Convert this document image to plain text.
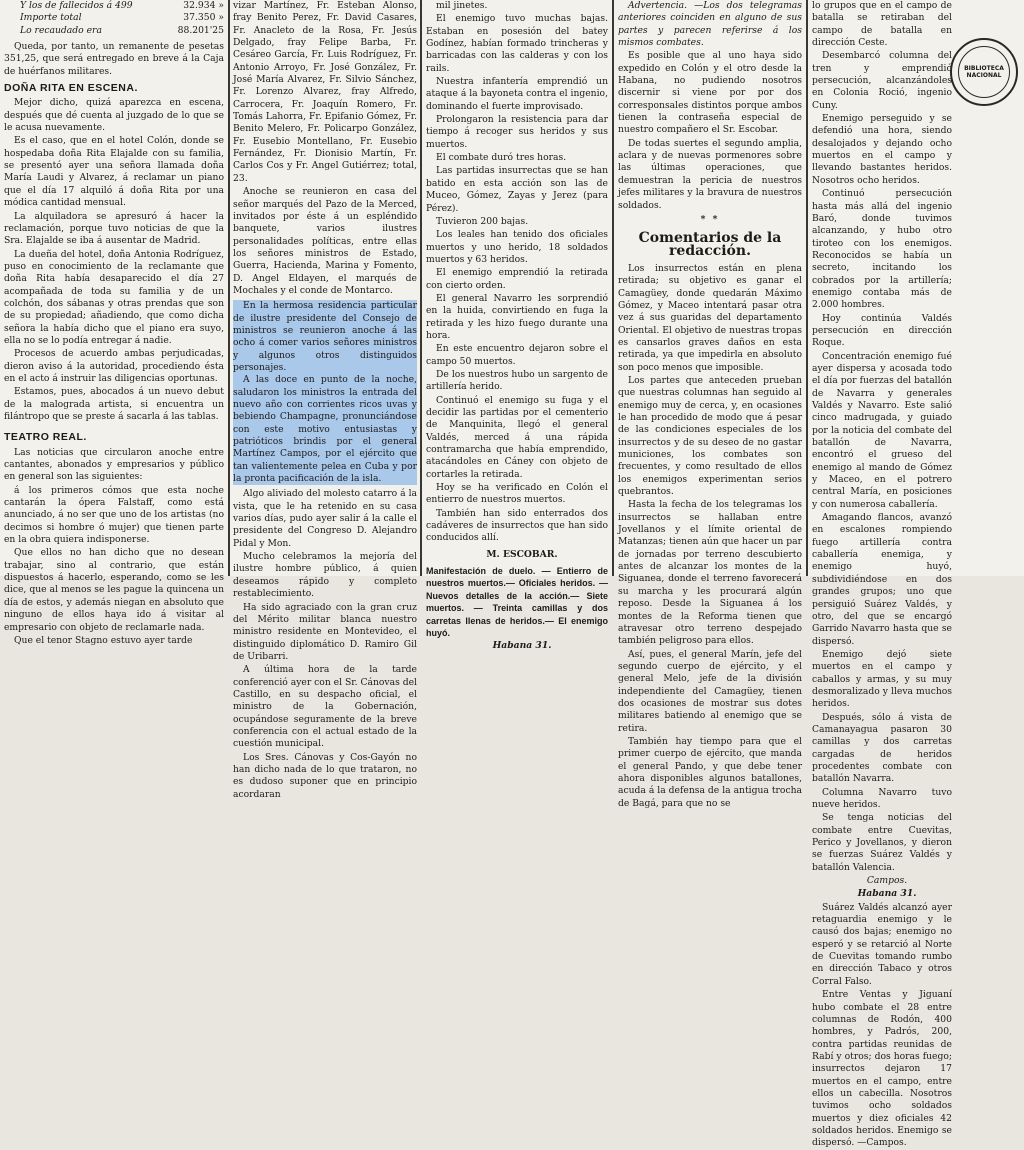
Y los de fallecidos á 499	32.934 »
Importe total	37.350 »
Lo recaudado era	88.201'25

Queda, por tanto, un remanente de pesetas 351,25, que será entregado en breve á la Caja de huérfanos militares.

DOÑA RITA EN ESCENA.

Mejor dicho, quizá aparezca en escena, después que dé cuenta al juzgado de lo que se le acusa nuevamente.

Es el caso, que en el hotel Colón, donde se hospedaba doña Rita Elajalde con su familia, se presentó ayer una señora llamada doña María Laudi y Alvarez, á reclamar un piano que el día 17 alquiló á doña Rita por una módica cantidad mensual.

La alquiladora se apresuró á hacer la reclamación, porque tuvo noticias de que la Sra. Elajalde se iba á ausentar de Madrid.

La dueña del hotel, doña Antonia Rodríguez, puso en conocimiento de la reclamante que doña Rita había desaparecido el día 27 acompañada de toda su familia y de un colchón, dos sábanas y otras prendas que son de su propiedad; añadiendo, que como dicha señora la había dicho que el piano era suyo, ella no se lo podía entregar á nadie.

Procesos de acuerdo ambas perjudicadas, dieron aviso á la autoridad, procediendo ésta en el acto á instruir las diligencias oportunas.

Estamos, pues, abocados á un nuevo debut de la malograda artista, si encuentra un filántropo que se preste á sacarla á las tablas.

TEATRO REAL.

Las noticias que circularon anoche entre cantantes, abonados y empresarios y público en general son las siguientes:

á los primeros cómos que esta noche cantarán la ópera Falstaff, como está anunciado, á no ser que uno de los artistas (no decimos si hombre ó mujer) que tienen parte en la obra quiera indisponerse.

Que ellos no han dicho que no desean trabajar, sino al contrario, que están dispuestos á hacerlo, esperando, como se les dice, que al menos se les pague la quincena un día de estos, y además niegan en absoluto que ninguno de ellos haya ido á visitar al empresario con objeto de reclamarle nada.

Que el tenor Stagno estuvo ayer tarde

vizar Martínez, Fr. Esteban Alonso, fray Benito Perez, Fr. David Casares, Fr. Anacleto de la Rosa, Fr. Jesús Delgado, fray Felipe Barba, Fr. Cesáreo García, Fr. Luis Rodríguez, Fr. Antonio Arroyo, Fr. José González, Fr. José María Alvarez, Fr. Silvio Sánchez, Fr. Lorenzo Alvarez, fray Alfredo, Carrocera, Fr. Joaquín Romero, Fr. Tomás Lahorra, Fr. Epifanio Gómez, Fr. Benito Melero, Fr. Policarpo González, Fr. Eusebio Montellano, Fr. Eusebio Fernández, Fr. Dionisio Martín, Fr. Carlos Cos y Fr. Angel Gutiérrez; total, 23.

Anoche se reunieron en casa del señor marqués del Pazo de la Merced, invitados por éste á un espléndido banquete, varios ilustres personalidades políticas, entre ellas los señores ministros de Estado, Guerra, Hacienda, Marina y Fomento, D. Angel Eldayen, el marqués de Mochales y el conde de Montarco.

En la hermosa residencia particular de ilustre presidente del Consejo de ministros se reunieron anoche á las ocho á comer varios señores ministros y algunos otros distinguidos personajes.

A las doce en punto de la noche, saludaron los ministros la entrada del nuevo año con corrientes ricos uvas y bebiendo Champagne, pronunciándose con este motivo entusiastas y patrióticos brindis por el general Martínez Campos, por el ejército que tan valientemente pelea en Cuba y por la pronta pacificación de la isla.

Algo aliviado del molesto catarro á la vista, que le ha retenido en su casa varios días, pudo ayer salir á la calle el presidente del Congreso D. Alejandro Pidal y Mon.

Mucho celebramos la mejoría del ilustre hombre público, á quien deseamos rápido y completo restablecimiento.

Ha sido agraciado con la gran cruz del Mérito militar blanca nuestro ministro residente en Montevideo, el distinguido diplomático D. Ramiro Gil de Uribarri.

A última hora de la tarde conferenció ayer con el Sr. Cánovas del Castillo, en su despacho oficial, el ministro de la Gobernación, ocupándose seguramente de la breve conferencia con el actual estado de la cuestión municipal.

Los Sres. Cánovas y Cos-Gayón no han dicho nada de lo que trataron, no es dudoso suponer que en principio acordaran

mil jinetes.

El enemigo tuvo muchas bajas. Estaban en posesión del batey Godínez, habían formado trincheras y barricadas con las calderas y con los rails.

Nuestra infantería emprendió un ataque á la bayoneta contra el ingenio, dominando el fuerte improvisado.

Prolongaron la resistencia para dar tiempo á recoger sus heridos y sus muertos.

El combate duró tres horas.

Las partidas insurrectas que se han batido en esta acción son las de Muceo, Gómez, Zayas y Jerez (para Pérez).

Tuvieron 200 bajas.

Los leales han tenido dos oficiales muertos y uno herido, 18 soldados muertos y 63 heridos.

El enemigo emprendió la retirada con cierto orden.

El general Navarro les sorprendió en la huida, convirtiendo en fuga la retirada y les hizo fuego durante una hora.

En este encuentro dejaron sobre el campo 50 muertos.

De los nuestros hubo un sargento de artillería herido.

Continuó el enemigo su fuga y el decidir las partidas por el cementerio de Manquinita, llegó el general Valdés, merced á una rápida contramarcha que había emprendido, atacándoles en Cáney con objeto de cortarles la retirada.

Hoy se ha verificado en Colón el entierro de nuestros muertos.

También han sido enterrados dos cadáveres de insurrectos que han sido conducidos allí.

M. ESCOBAR.

Manifestación de duelo. — Entierro de nuestros muertos.— Oficiales heridos. — Nuevos detalles de la acción.— Siete muertos. — Treinta camillas y dos carretas llenas de heridos.— El enemigo huyó.

Habana 31.

Advertencia. —Los dos telegramas anteriores coinciden en alguno de sus partes y parecen referirse á los mismos combates.

Es posible que al uno haya sido expedido en Colón y el otro desde la Habana, no pudiendo nosotros discernir si viene por por dos corresponsales distintos porque ambos tienen la contraseña especial de nuestro compañero el Sr. Escobar.

De todas suertes el segundo amplia, aclara y de nuevas pormenores sobre las últimas operaciones, que demuestran la pericia de nuestros jefes militares y la bravura de nuestros soldados.

* *
Comentarios de la redacción.

Los insurrectos están en plena retirada; su objetivo es ganar el Camagüey, donde quedarán Máximo Gómez, y Maceo intentará pasar otra vez á sus guaridas del departamento Oriental. El objetivo de nuestras tropas es cansarlos graves daños en esta retirada, ya que impedirla en absoluto son poco menos que imposible.

Los partes que anteceden prueban que nuestras columnas han seguido al enemigo muy de cerca, y, en ocasiones le han procedido de modo que á pesar de las condiciones especiales de los insurrectos y de su deseo de no gastar municiones, los combates son frecuentes, y como resultado de ellos los enemigos experimentan serios quebrantos.

Hasta la fecha de los telegramas los insurrectos se hallaban entre Jovellanos y el límite oriental de Matanzas; tienen aún que hacer un par de jornadas por terreno descubierto antes de alcanzar los montes de la Siguanea, donde el terreno favorecerá su marcha y les procurará algún reposo. Desde la Siguanea á los montes de la Reforma tienen que atravesar otro terreno despejado también peligroso para ellos.

Así, pues, el general Marín, jefe del segundo cuerpo de ejército, y el general Melo, jefe de la división independiente del Camagüey, tienen dos ocasiones de mostrar sus dotes militares batiendo al enemigo que se retira.

También hay tiempo para que el primer cuerpo de ejército, que manda el general Pando, y que debe tener ahora disponibles algunos batallones, acuda á la defensa de la antigua trocha de Bagá, para que no se

lo grupos que en el campo de batalla se retiraban del campo de batalla en dirección Ceste.

Desembarcó columna del tren y emprendió persecución, alcanzándoles en Colonia Roció, ingenio Cuny.

Enemigo perseguido y se defendió una hora, siendo desalojados y dejando ocho muertos en el campo y llevando bastantes heridos. Nosotros ocho heridos.

Continuó persecución hasta más allá del ingenio Baró, donde tuvimos alcanzando, y hubo otro tiroteo con los enemigos. Reconocidos se había un secreto, incitando los cobrados por la artillería; enemigo contaba más de 2.000 hombres.

Hoy continúa Valdés persecución en dirección Roque.

Concentración enemigo fué ayer dispersa y acosada todo el día por fuerzas del batallón de Navarra y generales Valdés y Navarro. Este salió cinco madrugada, y guiado por la noticia del combate del batallón de Navarra, encontró el grueso del enemigo al mando de Gómez y Maceo, en el potrero central María, en posiciones y con numerosa caballería.

Amagando flancos, avanzó en escalones rompiendo fuego artillería contra caballería enemiga, y enemigo huyó, subdividiéndose en dos grandes grupos; uno que persiguió Suárez Valdés, y otro, del que se encargó Garrido Navarro hasta que se dispersó.

Enemigo dejó siete muertos en el campo y caballos y armas, y su muy desmoralizado y lleva muchos heridos.

Después, sólo á vista de Camanayagua pasaron 30 camillas y dos carretas cargadas de heridos procedentes combate con batallón Navarra.

Columna Navarro tuvo nueve heridos.

Se tenga noticias del combate entre Cuevitas, Perico y Jovellanos, y dieron se fuerzas Suárez Valdés y batallón Valencia.

Campos.

Habana 31.

Suárez Valdés alcanzó ayer retaguardia enemigo y le causó dos bajas; enemigo no esperó y se retarció al Norte de Cuevitas tomando rumbo en dirección Tabaco y otros Corral Falso.

Entre Ventas y Jiguaní hubo combate el 28 entre columnas de Rodón, 400 hombres, y Padrós, 200, contra partidas reunidas de Rabí y otros; dos horas fuego; insurrectos dejaron 17 muertos en el campo, entre ellos un cabecilla. Nosotros tuvimos ocho soldados muertos y diez oficiales 42 soldados heridos. Enemigo se dispersó. —Campos.

BIBLIOTECA NACIONAL
